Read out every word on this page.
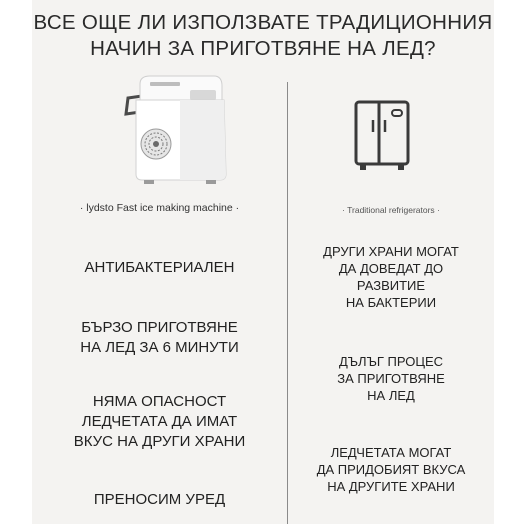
ВСЕ ОЩЕ ЛИ ИЗПОЛЗВАТЕ ТРАДИЦИОННИЯ
НАЧИН ЗА ПРИГОТВЯНЕ НА ЛЕД?
· lydsto Fast ice making machine ·	· Traditional refrigerators ·
АНТИБАКТЕРИАЛЕН
БЪРЗО ПРИГОТВЯНЕ
НА ЛЕД ЗА 6 МИНУТИ
НЯМА ОПАСНОСТ
ЛЕДЧЕТАТА ДА ИМАТ
ВКУС НА ДРУГИ ХРАНИ
ПРЕНОСИМ УРЕД
ДРУГИ ХРАНИ МОГАТ
ДА ДОВЕДАТ ДО
РАЗВИТИЕ
НА БАКТЕРИИ
ДЪЛЪГ ПРОЦЕС
ЗА ПРИГОТВЯНЕ
НА ЛЕД
ЛЕДЧЕТАТА МОГАТ
ДА ПРИДОБИЯТ ВКУСА
НА ДРУГИТЕ ХРАНИ
